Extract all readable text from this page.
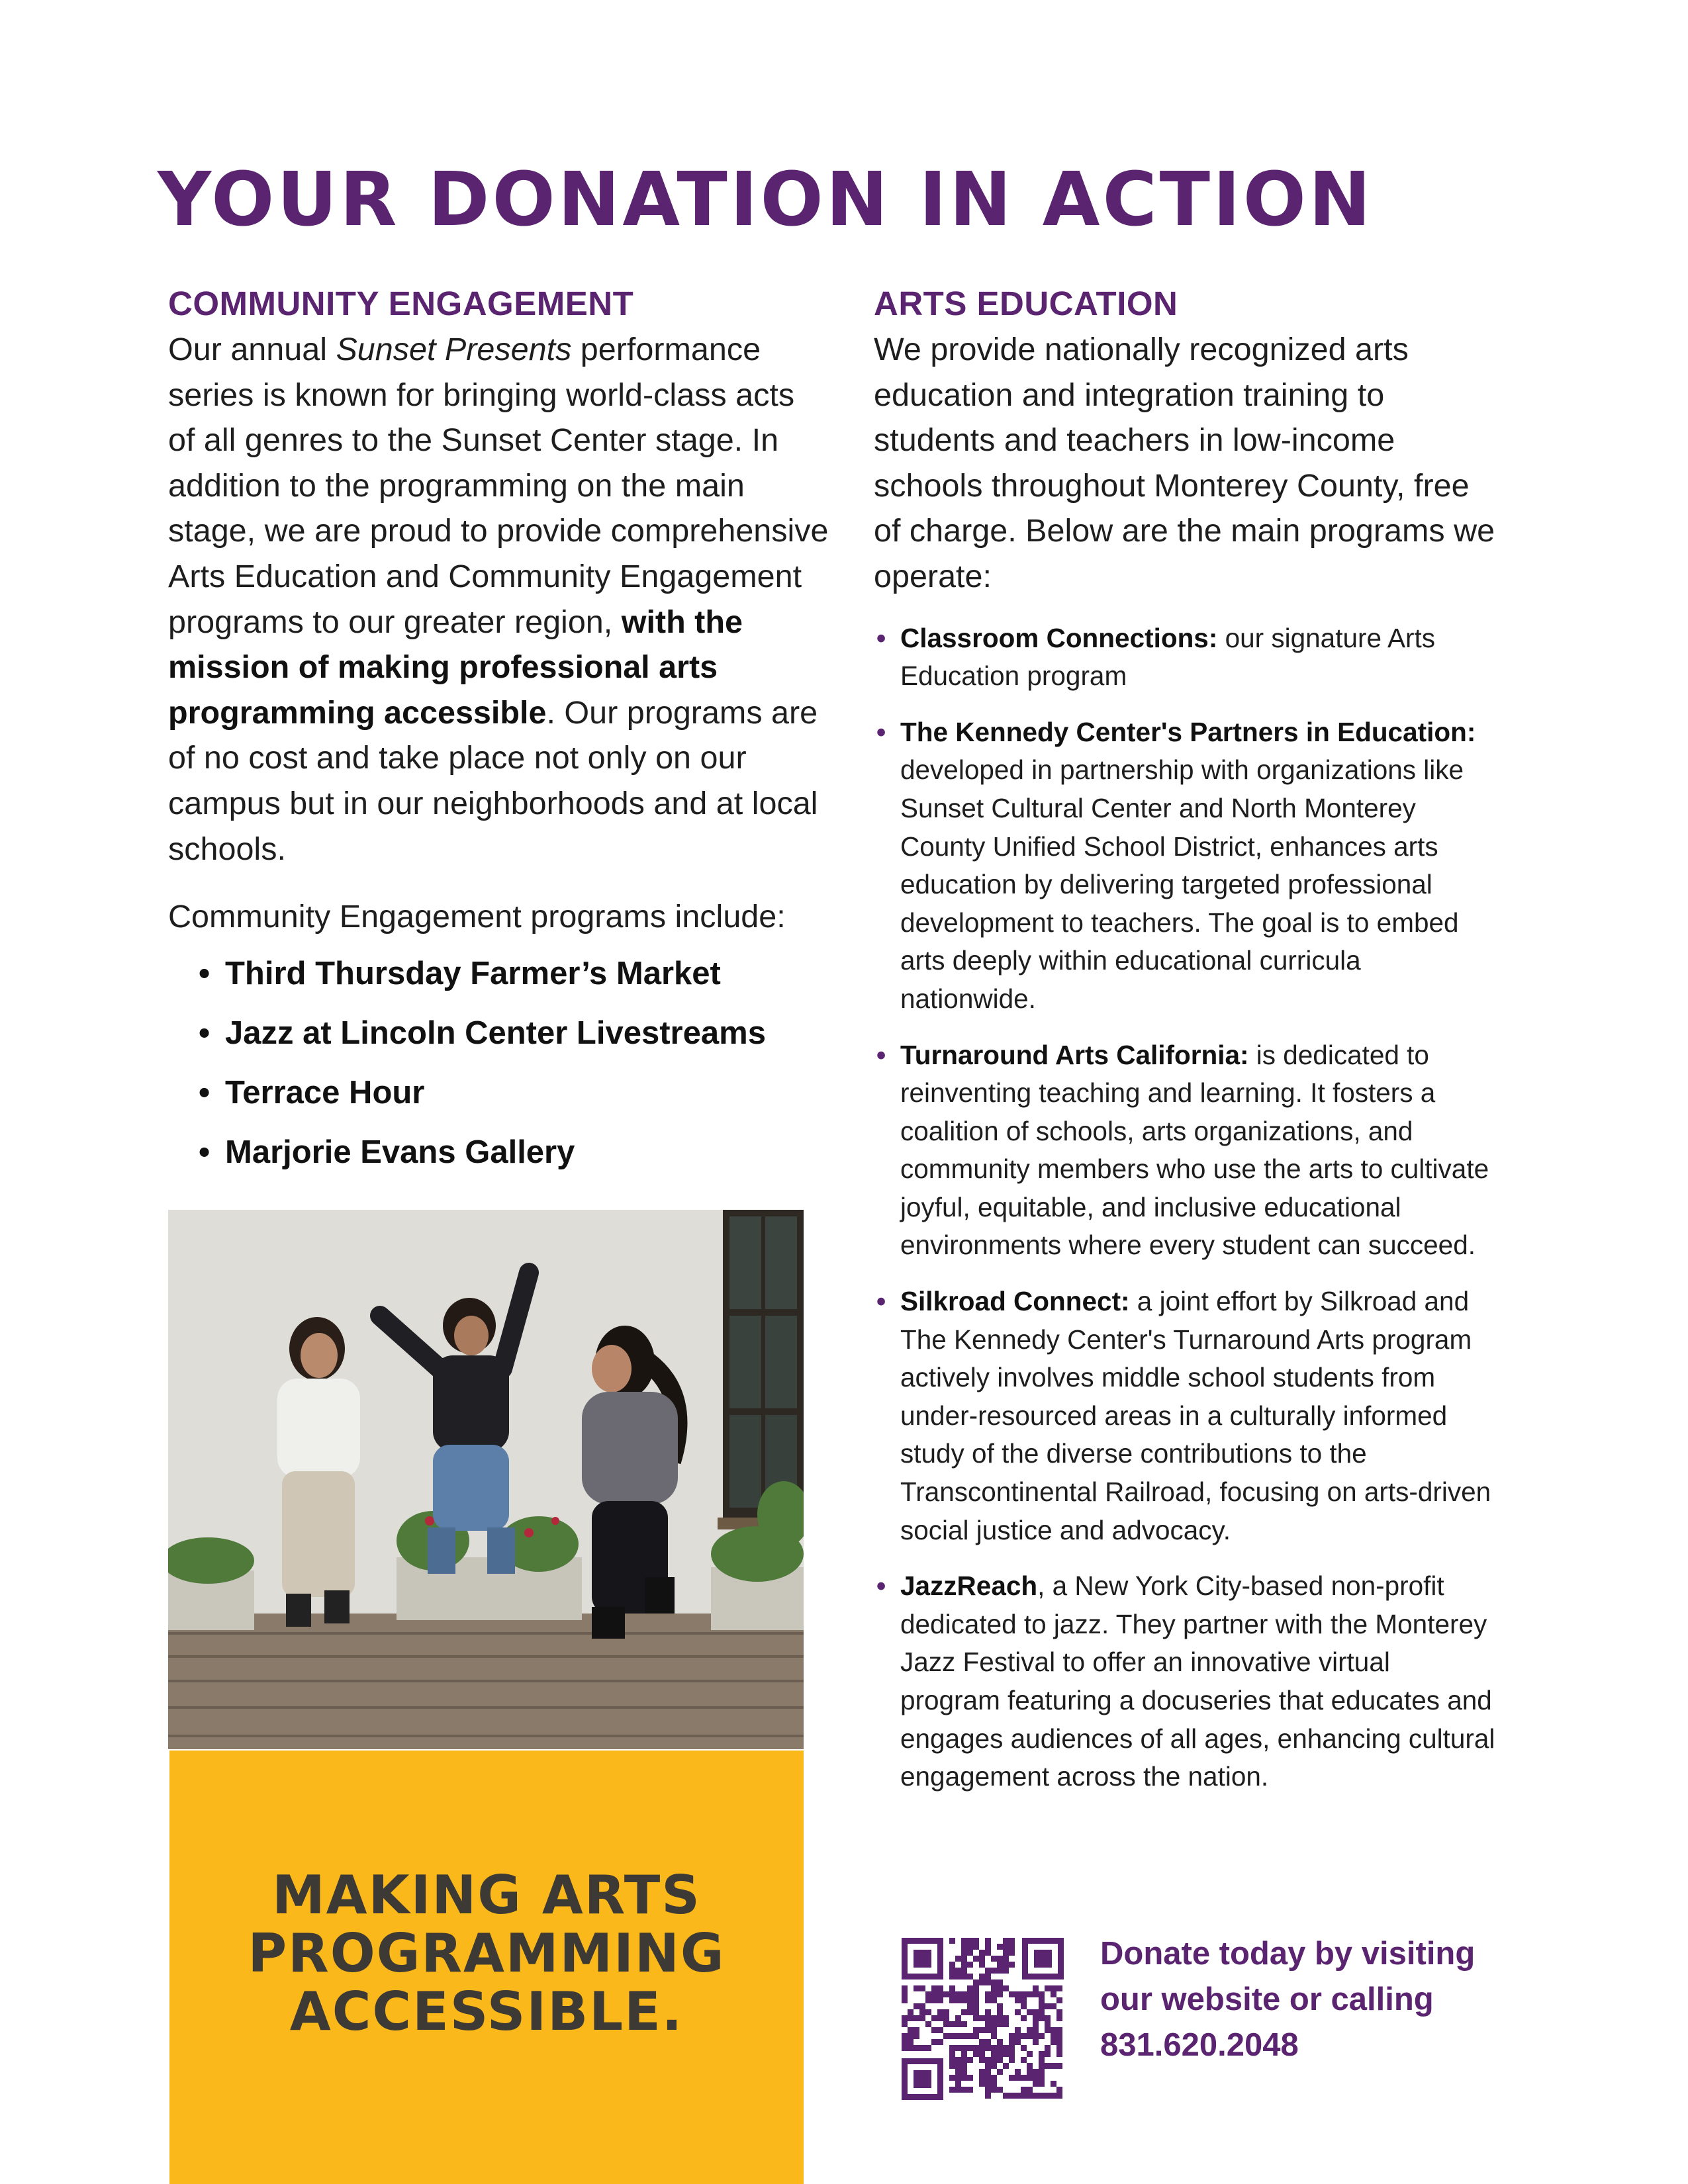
YOUR DONATION IN ACTION
COMMUNITY ENGAGEMENT

Our annual Sunset Presents performance series is known for bringing world-class acts of all genres to the Sunset Center stage. In addition to the programming on the main stage, we are proud to provide comprehensive Arts Education and Community Engagement programs to our greater region, with the mission of making professional arts programming accessible. Our programs are of no cost and take place not only on our campus but in our neighborhoods and at local schools.

Community Engagement programs include:

• Third Thursday Farmer’s Market
• Jazz at Lincoln Center Livestreams
• Terrace Hour
• Marjorie Evans Gallery

MAKING ARTS
PROGRAMMING
ACCESSIBLE.

ARTS EDUCATION

We provide nationally recognized arts education and integration training to students and teachers in low-income schools throughout Monterey County, free of charge. Below are the main programs we operate:

• Classroom Connections: our signature Arts Education program
• The Kennedy Center's Partners in Education: developed in partnership with organizations like Sunset Cultural Center and North Monterey County Unified School District, enhances arts education by delivering targeted professional development to teachers. The goal is to embed arts deeply within educational curricula nationwide.
• Turnaround Arts California: is dedicated to reinventing teaching and learning. It fosters a coalition of schools, arts organizations, and community members who use the arts to cultivate joyful, equitable, and inclusive educational environments where every student can succeed.
• Silkroad Connect: a joint effort by Silkroad and The Kennedy Center's Turnaround Arts program actively involves middle school students from under-resourced areas in a culturally informed study of the diverse contributions to the Transcontinental Railroad, focusing on arts-driven social justice and advocacy.
• JazzReach, a New York City-based non-profit dedicated to jazz. They partner with the Monterey Jazz Festival to offer an innovative virtual program featuring a docuseries that educates and engages audiences of all ages, enhancing cultural engagement across the nation.

Donate today by visiting
our website or calling
831.620.2048
